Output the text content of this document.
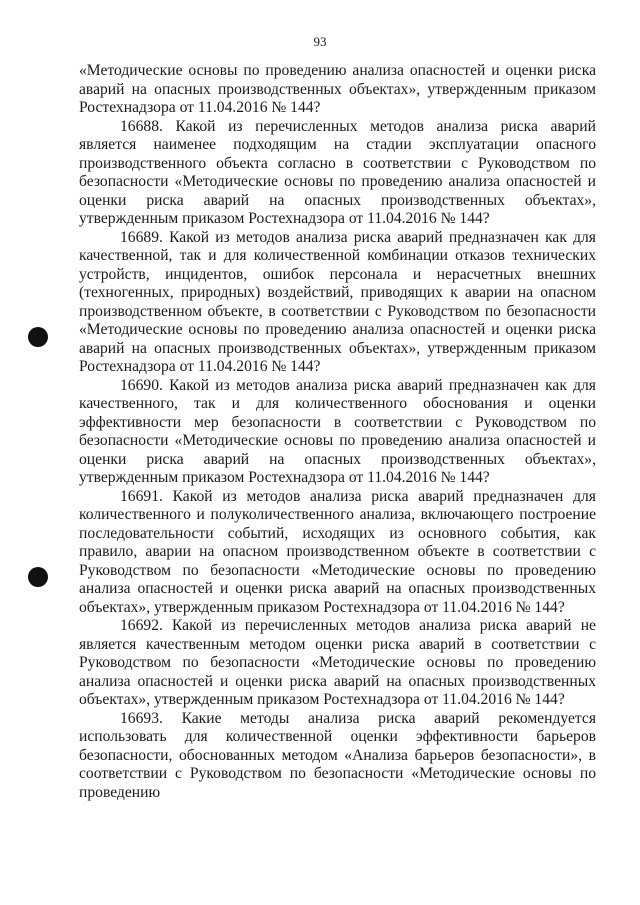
93

«Методические основы по проведению анализа опасностей и оценки риска аварий на опасных производственных объектах», утвержденным приказом Ростехнадзора от 11.04.2016 № 144?

16688. Какой из перечисленных методов анализа риска аварий является наименее подходящим на стадии эксплуатации опасного производственного объекта согласно в соответствии с Руководством по безопасности «Методические основы по проведению анализа опасностей и оценки риска аварий на опасных производственных объектах», утвержденным приказом Ростехнадзора от 11.04.2016 № 144?

16689. Какой из методов анализа риска аварий предназначен как для качественной, так и для количественной комбинации отказов технических устройств, инцидентов, ошибок персонала и нерасчетных внешних (техногенных, природных) воздействий, приводящих к аварии на опасном производственном объекте, в соответствии с Руководством по безопасности «Методические основы по проведению анализа опасностей и оценки риска аварий на опасных производственных объектах», утвержденным приказом Ростехнадзора от 11.04.2016 № 144?

16690. Какой из методов анализа риска аварий предназначен как для качественного, так и для количественного обоснования и оценки эффективности мер безопасности в соответствии с Руководством по безопасности «Методические основы по проведению анализа опасностей и оценки риска аварий на опасных производственных объектах», утвержденным приказом Ростехнадзора от 11.04.2016 № 144?

16691. Какой из методов анализа риска аварий предназначен для количественного и полуколичественного анализа, включающего построение последовательности событий, исходящих из основного события, как правило, аварии на опасном производственном объекте в соответствии с Руководством по безопасности «Методические основы по проведению анализа опасностей и оценки риска аварий на опасных производственных объектах», утвержденным приказом Ростехнадзора от 11.04.2016 № 144?

16692. Какой из перечисленных методов анализа риска аварий не является качественным методом оценки риска аварий в соответствии с Руководством по безопасности «Методические основы по проведению анализа опасностей и оценки риска аварий на опасных производственных объектах», утвержденным приказом Ростехнадзора от 11.04.2016 № 144?

16693. Какие методы анализа риска аварий рекомендуется использовать для количественной оценки эффективности барьеров безопасности, обоснованных методом «Анализа барьеров безопасности», в соответствии с Руководством по безопасности «Методические основы по проведению
